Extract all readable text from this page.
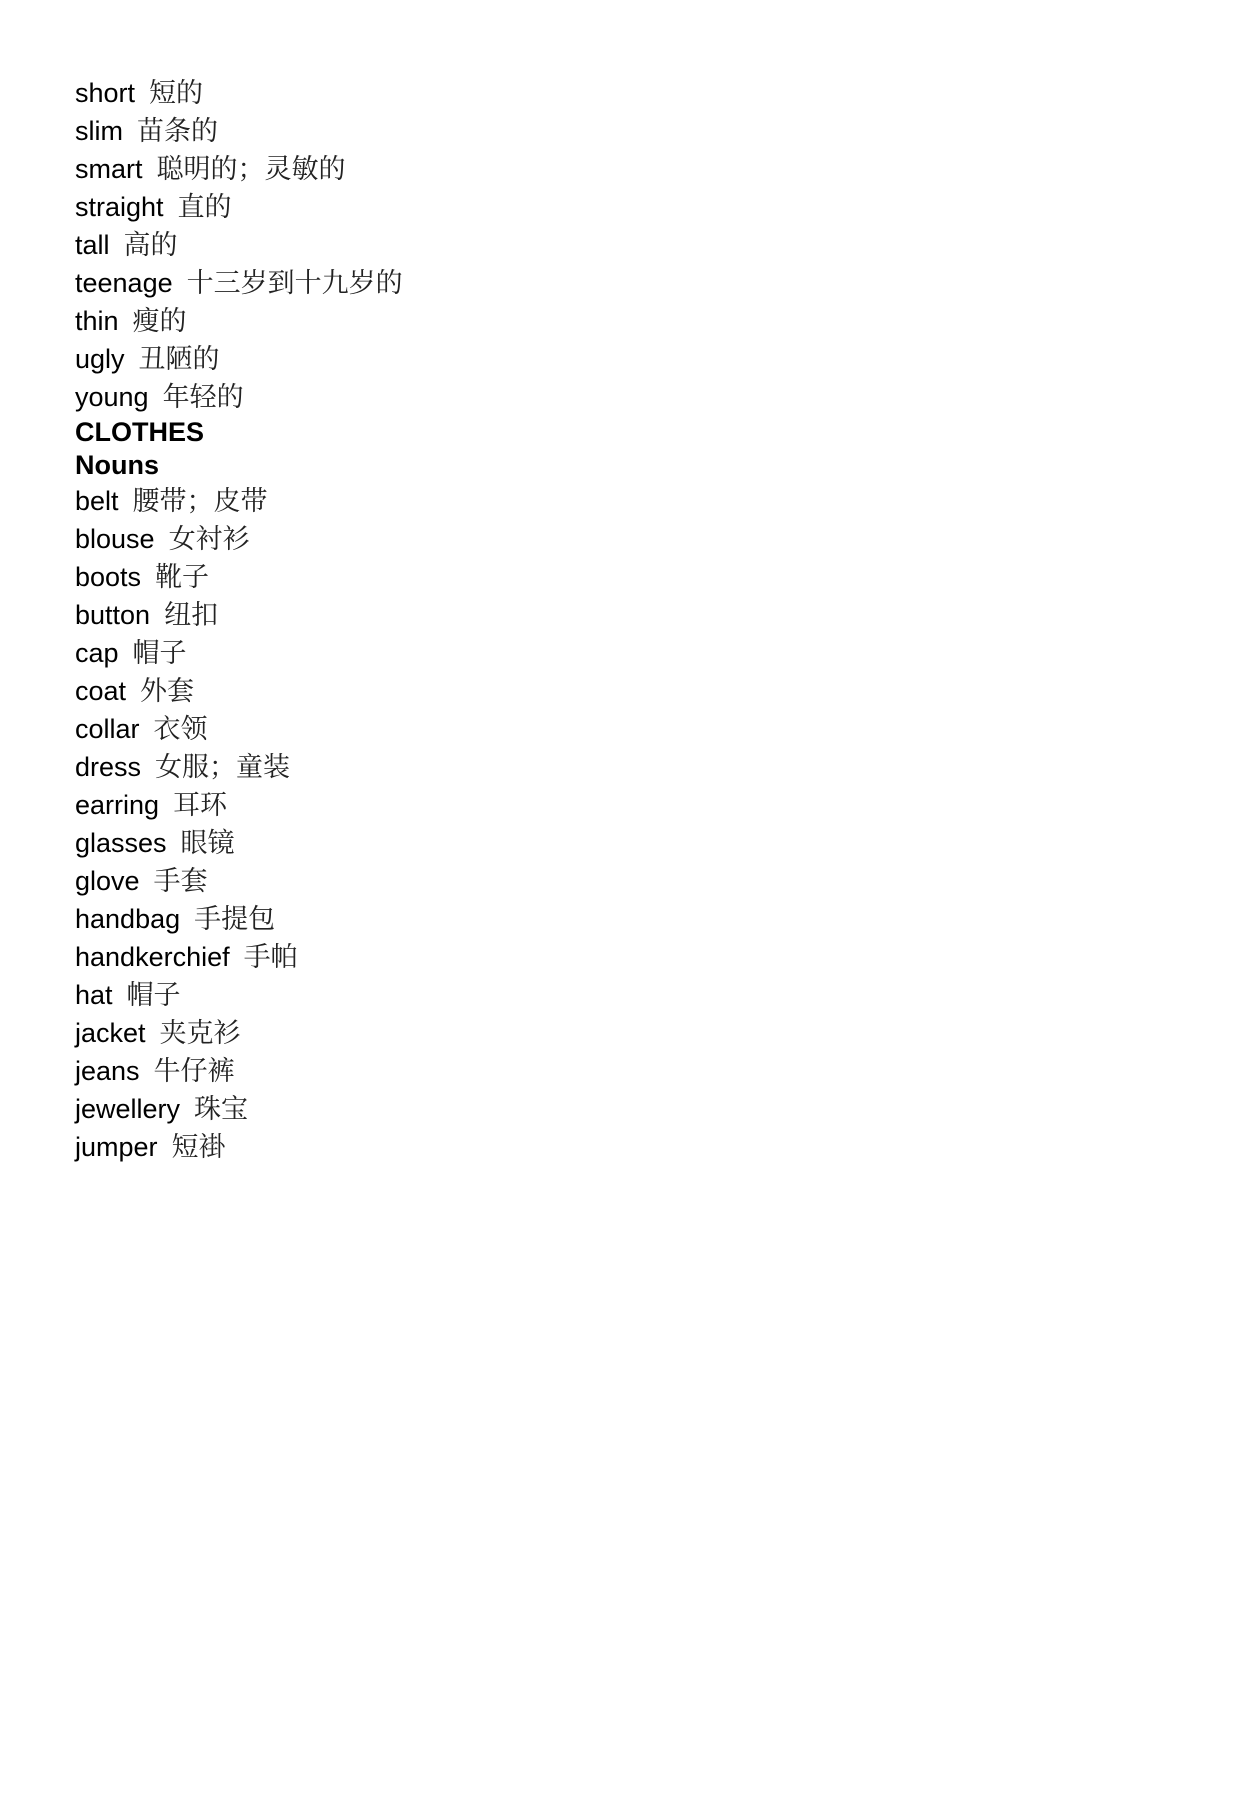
short 短的
slim 苗条的
smart 聪明的；灵敏的
straight 直的
tall 高的
teenage 十三岁到十九岁的
thin 瘦的
ugly 丑陋的
young 年轻的
CLOTHES
Nouns
belt 腰带；皮带
blouse 女衬衫
boots 靴子
button 纽扣
cap 帽子
coat 外套
collar 衣领
dress 女服；童装
earring 耳环
glasses 眼镜
glove 手套
handbag 手提包
handkerchief 手帕
hat 帽子
jacket 夹克衫
jeans 牛仔裤
jewellery 珠宝
jumper 短褂
